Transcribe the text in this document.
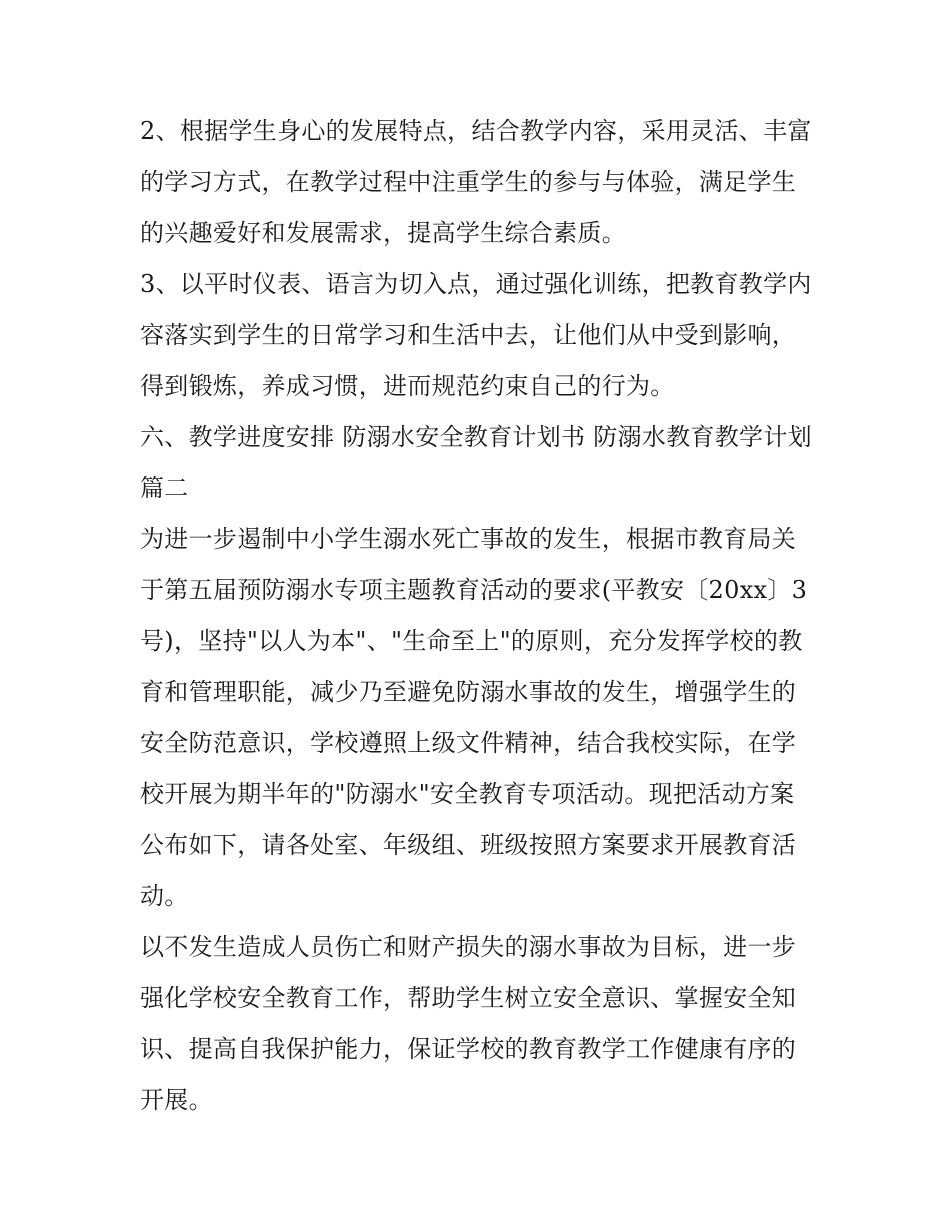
2、根据学生身心的发展特点，结合教学内容，采用灵活、丰富的学习方式，在教学过程中注重学生的参与与体验，满足学生的兴趣爱好和发展需求，提高学生综合素质。

3、以平时仪表、语言为切入点，通过强化训练，把教育教学内容落实到学生的日常学习和生活中去，让他们从中受到影响，得到锻炼，养成习惯，进而规范约束自己的行为。

六、教学进度安排 防溺水安全教育计划书 防溺水教育教学计划篇二

为进一步遏制中小学生溺水死亡事故的发生，根据市教育局关于第五届预防溺水专项主题教育活动的要求(平教安〔20xx〕3号)，坚持"以人为本"、"生命至上"的原则，充分发挥学校的教育和管理职能，减少乃至避免防溺水事故的发生，增强学生的安全防范意识，学校遵照上级文件精神，结合我校实际，在学校开展为期半年的"防溺水"安全教育专项活动。现把活动方案公布如下，请各处室、年级组、班级按照方案要求开展教育活动。

以不发生造成人员伤亡和财产损失的溺水事故为目标，进一步强化学校安全教育工作，帮助学生树立安全意识、掌握安全知识、提高自我保护能力，保证学校的教育教学工作健康有序的开展。
